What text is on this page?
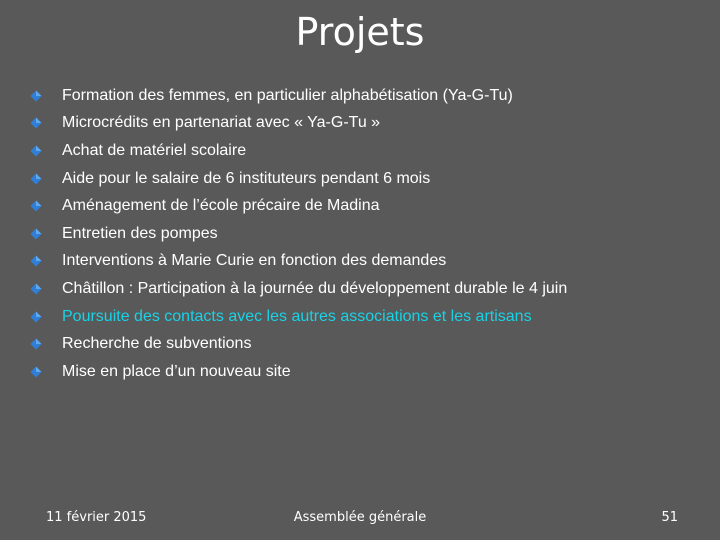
Projets
Formation des femmes, en particulier alphabétisation (Ya-G-Tu)
Microcrédits en partenariat avec « Ya-G-Tu »
Achat de matériel scolaire
Aide pour le salaire de 6 instituteurs pendant 6 mois
Aménagement de l’école précaire de Madina
Entretien des pompes
Interventions à Marie Curie en fonction des demandes
Châtillon : Participation à la journée du développement durable le 4 juin
Poursuite des contacts avec les autres associations et les artisans
Recherche de subventions
Mise en place d’un nouveau site
11 février 2015	Assemblée générale	51
